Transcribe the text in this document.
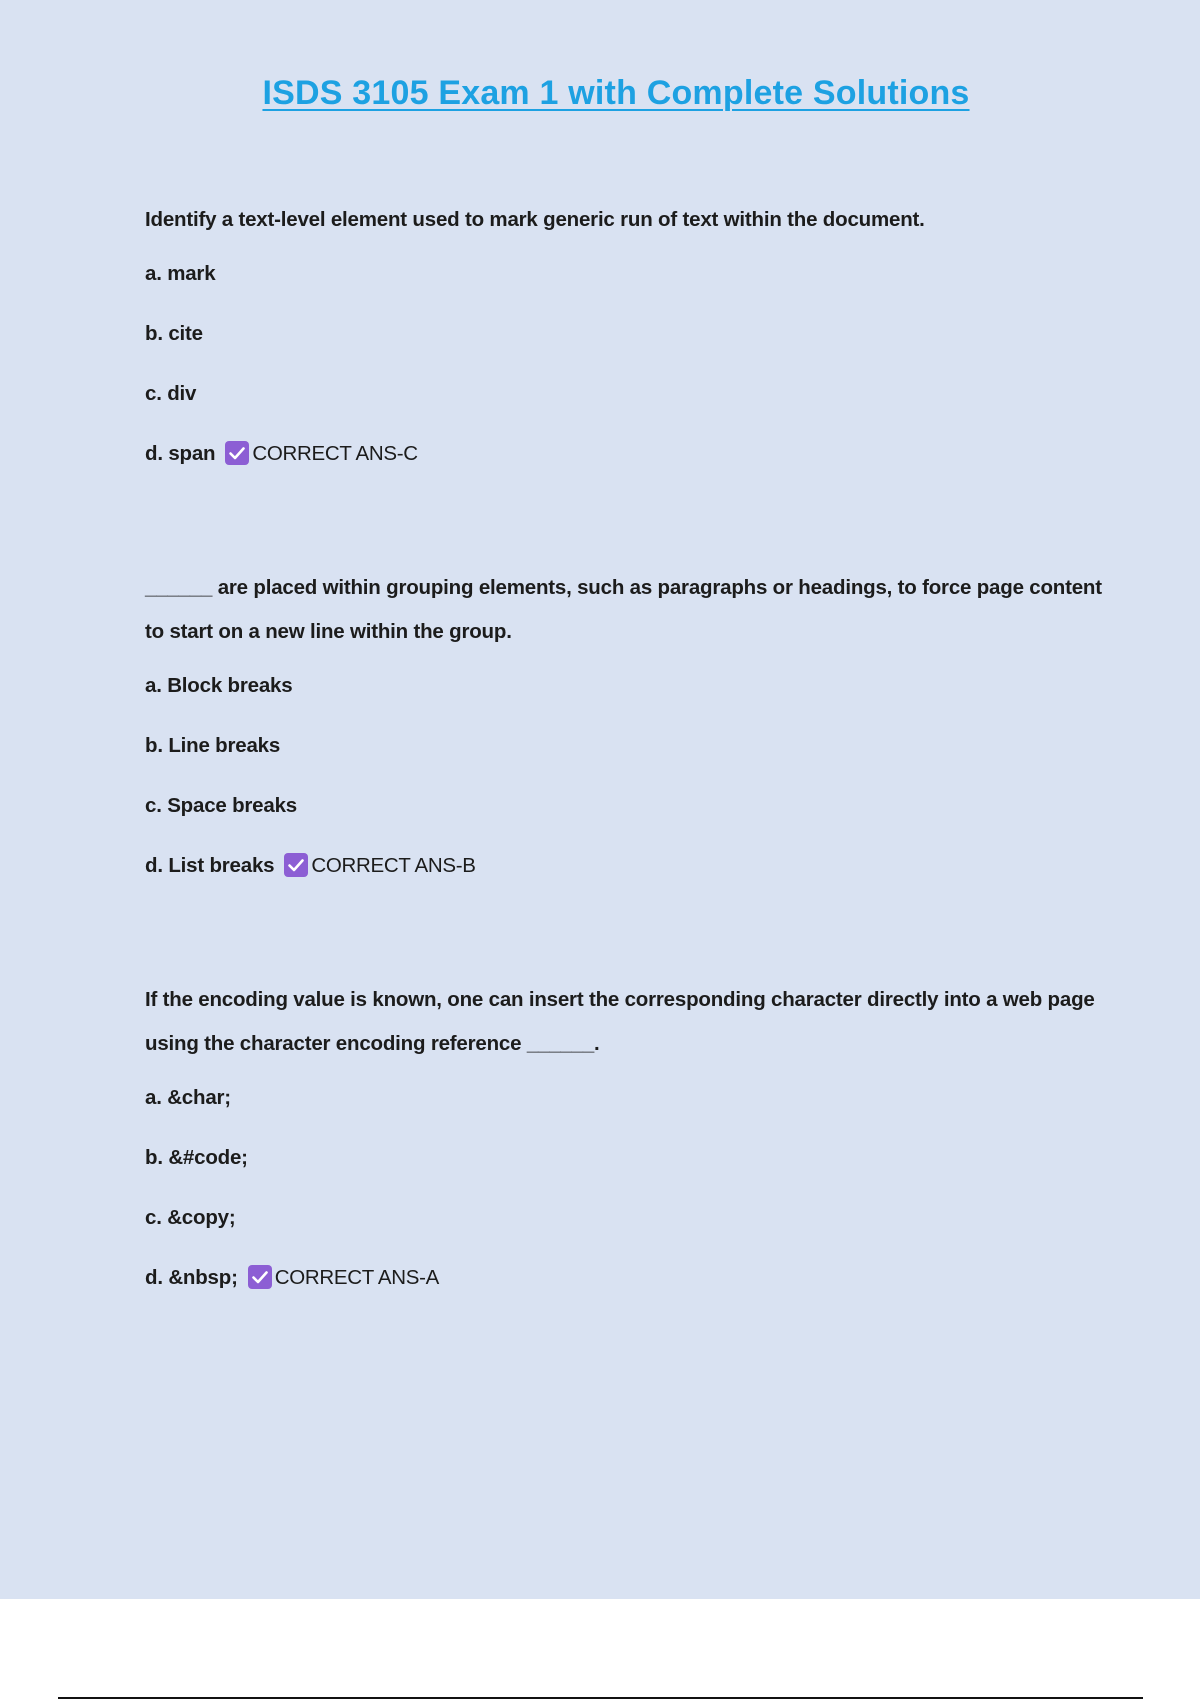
ISDS 3105 Exam 1 with Complete Solutions

Identify a text-level element used to mark generic run of text within the document.

a. mark

b. cite

c. div

d. span CORRECT ANS-C

______ are placed within grouping elements, such as paragraphs or headings, to force page content to start on a new line within the group.

a. Block breaks

b. Line breaks

c. Space breaks

d. List breaks CORRECT ANS-B

If the encoding value is known, one can insert the corresponding character directly into a web page using the character encoding reference ______.

a. &char;

b. &#code;

c. &copy;

d. &nbsp; CORRECT ANS-A
